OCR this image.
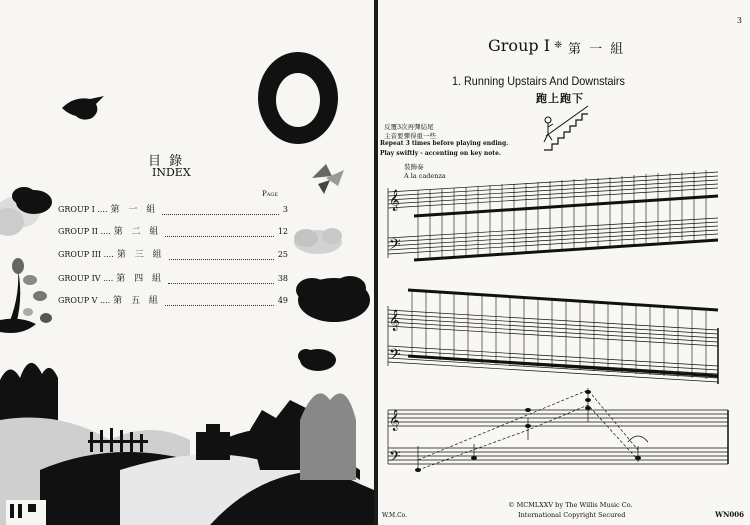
目 錄
INDEX
Page
GROUP I .... 第 一 組	3
GROUP II .... 第 二 組	12
GROUP III .... 第 三 組	25
GROUP IV .... 第 四 組	38
GROUP V .... 第 五 組	49
3
Group I ❈ 第 一 組
1. Running Upstairs And Downstairs
跑上跑下
反覆3次再彈結尾
主音要彈得重一些
Repeat 3 times before playing ending.
Play swiftly - accenting on key note.
裝飾奏
A la cadenza
𝄞
𝄢
𝄞
𝄢
𝄞
𝄢
© MCMLXXV by The Willis Music Co.
International Copyright Secured
W.M.Co.	WN006
